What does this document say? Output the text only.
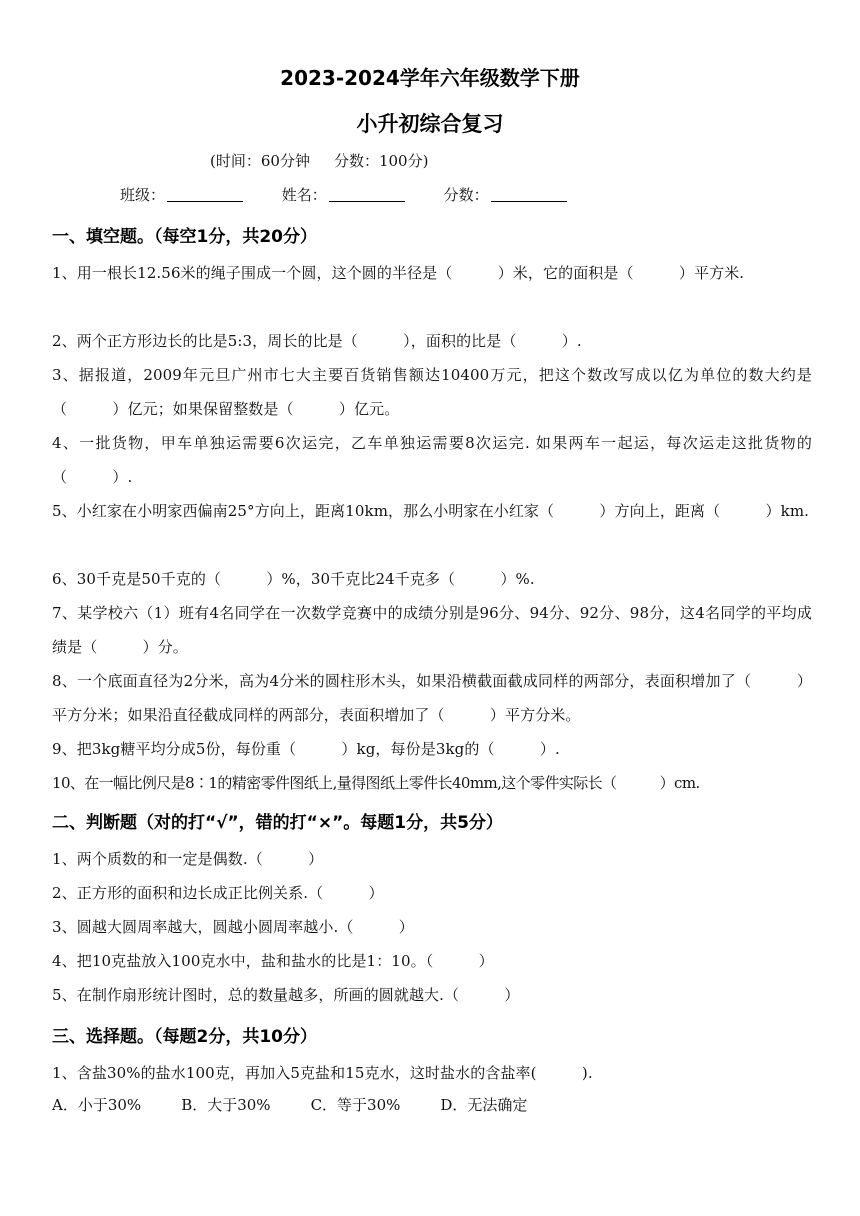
2023-2024学年六年级数学下册
小升初综合复习
(时间：60分钟 分数：100分)
班级：	姓名：	分数：
一、填空题。（每空1分，共20分）
1、用一根长12.56米的绳子围成一个圆，这个圆的半径是（　　　）米，它的面积是（　　　）平方米.
2、两个正方形边长的比是5:3，周长的比是（　　　），面积的比是（　　　）.
3、据报道，2009年元旦广州市七大主要百货销售额达10400万元，把这个数改写成以亿为单位的数大约是（　　　）亿元；如果保留整数是（　　　）亿元。
4、一批货物，甲车单独运需要6次运完，乙车单独运需要8次运完. 如果两车一起运，每次运走这批货物的（　　　）.
5、小红家在小明家西偏南25°方向上，距离10km，那么小明家在小红家（　　　）方向上，距离（　　　）km.
6、30千克是50千克的（　　　）%，30千克比24千克多（　　　）%.
7、某学校六（1）班有4名同学在一次数学竞赛中的成绩分别是96分、94分、92分、98分，这4名同学的平均成绩是（　　　）分。
8、一个底面直径为2分米，高为4分米的圆柱形木头，如果沿横截面截成同样的两部分，表面积增加了（　　　）平方分米；如果沿直径截成同样的两部分，表面积增加了（　　　）平方分米。
9、把3kg糖平均分成5份，每份重（　　　）kg，每份是3kg的（　　　）.
10、在一幅比例尺是8∶1的精密零件图纸上,量得图纸上零件长40mm,这个零件实际长（　　　）cm.
二、判断题（对的打“√”，错的打“×”。每题1分，共5分）
1、两个质数的和一定是偶数.（　　　）
2、正方形的面积和边长成正比例关系.（　　　）
3、圆越大圆周率越大，圆越小圆周率越小.（　　　）
4、把10克盐放入100克水中，盐和盐水的比是1：10。（　　　）
5、在制作扇形统计图时，总的数量越多，所画的圆就越大.（　　　）
三、选择题。（每题2分，共10分）
1、含盐30%的盐水100克，再加入5克盐和15克水，这时盐水的含盐率(　　　).
A．小于30%	B．大于30%	C．等于30%	D．无法确定
